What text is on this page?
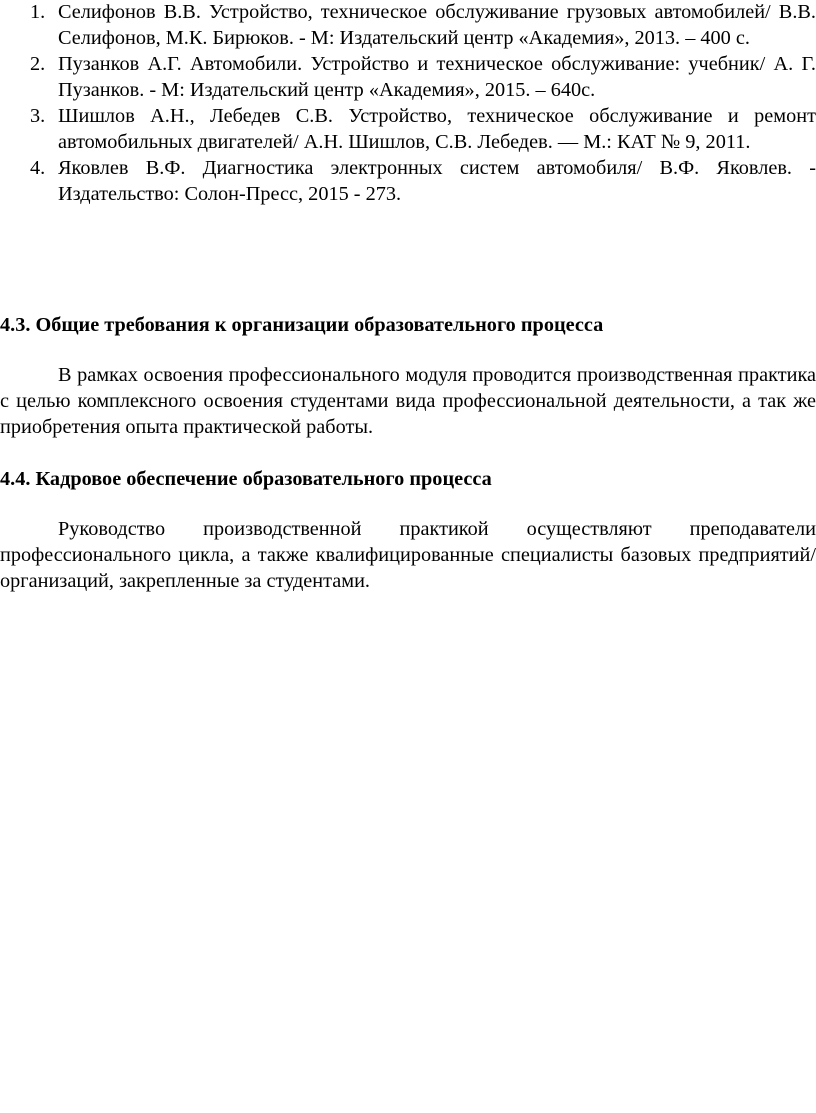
1. Селифонов В.В. Устройство, техническое обслуживание грузовых автомобилей/ В.В. Селифонов, М.К. Бирюков. - М: Издательский центр «Академия», 2013. – 400 с.
2. Пузанков А.Г. Автомобили. Устройство и техническое обслуживание: учебник/ А. Г. Пузанков. - М: Издательский центр «Академия», 2015. – 640с.
3. Шишлов А.Н., Лебедев С.В. Устройство, техническое обслуживание и ремонт автомобильных двигателей/ А.Н. Шишлов, С.В. Лебедев. — М.: КАТ № 9, 2011.
4. Яковлев В.Ф. Диагностика электронных систем автомобиля/ В.Ф. Яковлев. - Издательство: Солон-Пресс, 2015 - 273.
4.3. Общие требования к организации образовательного процесса

В рамках освоения профессионального модуля проводится производственная практика с целью комплексного освоения студентами вида профессиональной деятельности, а так же приобретения опыта практической работы.

4.4. Кадровое обеспечение образовательного процесса

Руководство производственной практикой осуществляют преподаватели профессионального цикла, а также квалифицированные специалисты базовых предприятий/организаций, закрепленные за студентами.
